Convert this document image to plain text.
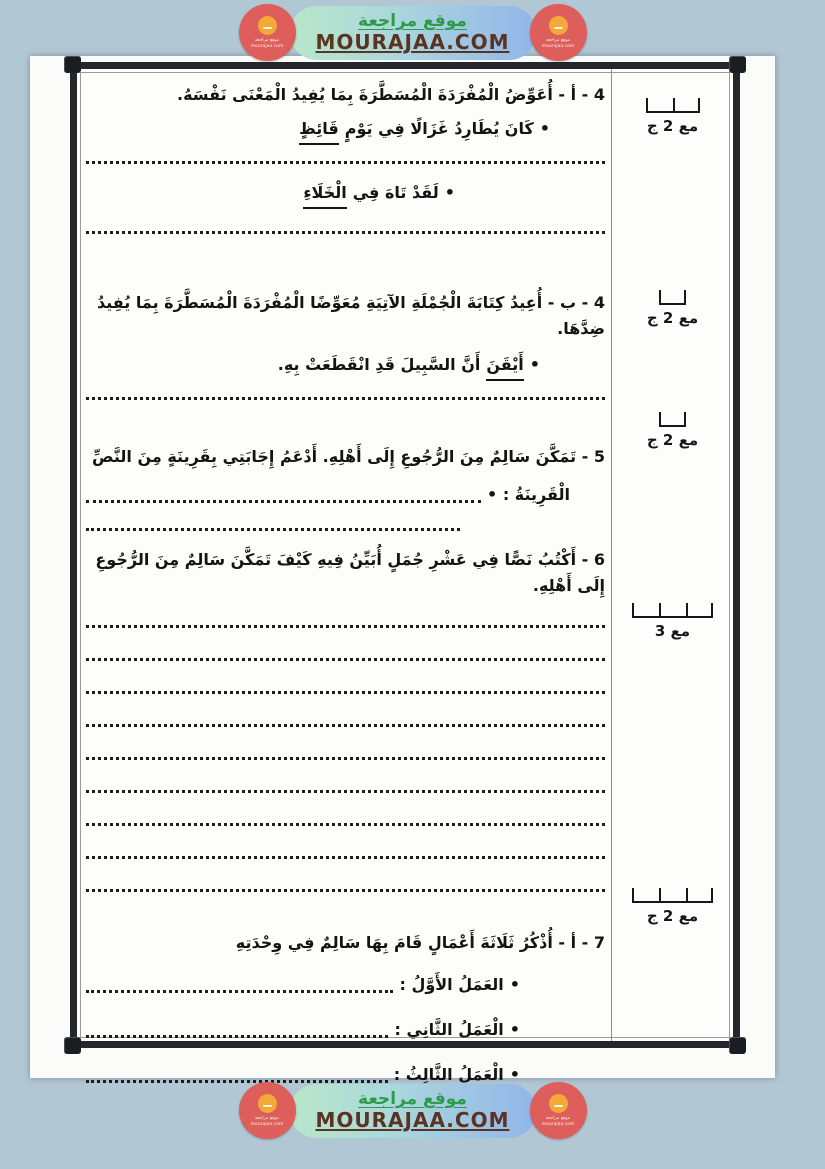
موقع مراجعة
mourajaa.com
موقع مراجعة
MOURAJAA.COM	موقع مراجعة
mourajaa.com
مع 2 ج
مع 2 ج
مع 2 ج
مع 3
مع 2 ج
4 - أ - أُعَوِّضُ الْمُفْرَدَةَ الْمُسَطَّرَةَ بِمَا يُفِيدُ الْمَعْنَى نَفْسَهُ.
•
كَانَ يُطَارِدُ غَزَالًا فِي يَوْمٍ
قَائِظٍ
•
لَقَدْ تَاهَ فِي
الْخَلَاءِ
4 - ب - أُعِيدُ كِتَابَةَ الْجُمْلَةِ الآتِيَةِ مُعَوِّضًا الْمُفْرَدَةَ الْمُسَطَّرَةَ بِمَا يُفِيدُ ضِدَّهَا.
•
أَيْقَنَ
أَنَّ السَّبِيلَ قَدِ انْقَطَعَتْ بِهِ.
5 - تَمَكَّنَ سَالِمٌ مِنَ الرُّجُوعِ إِلَى أَهْلِهِ. أَدْعَمُ إِجَابَتِي بِقَرِينَةٍ مِنَ النَّصِّ
الْقَرِينَةُ : •
6 - أَكْتُبُ نَصًّا فِي عَشْرِ جُمَلٍ أُبَيِّنُ فِيهِ كَيْفَ تَمَكَّنَ سَالِمٌ مِنَ الرُّجُوعِ إِلَى أَهْلِهِ.
7 - أ - أُذْكُرُ ثَلَاثَةَ أَعْمَالٍ قَامَ بِهَا سَالِمٌ فِي وِحْدَتِهِ
•
العَمَلُ الأَوَّلُ :
•
الْعَمَلُ الثَّانِي :
•
الْعَمَلُ الثَّالِثُ :
موقع مراجعة
mourajaa.com
موقع مراجعة
MOURAJAA.COM	موقع مراجعة
mourajaa.com
